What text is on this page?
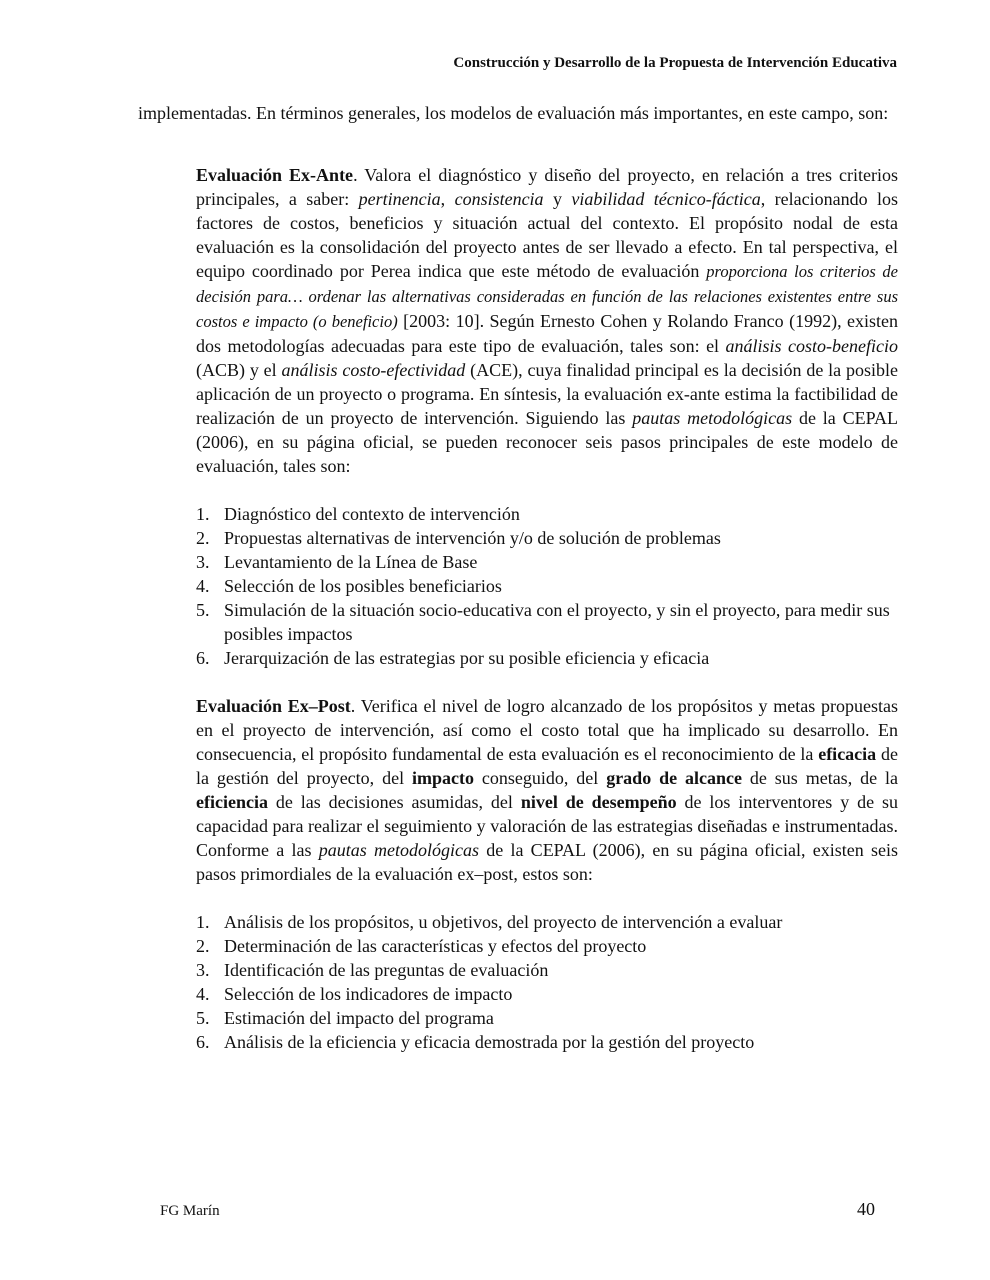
Construcción y Desarrollo de la Propuesta de Intervención Educativa

implementadas. En términos generales, los modelos de evaluación más importantes, en este campo, son:

Evaluación Ex-Ante. Valora el diagnóstico y diseño del proyecto, en relación a tres criterios principales, a saber: pertinencia, consistencia y viabilidad técnico-fáctica, relacionando los factores de costos, beneficios y situación actual del contexto. El propósito nodal de esta evaluación es la consolidación del proyecto antes de ser llevado a efecto. En tal perspectiva, el equipo coordinado por Perea indica que este método de evaluación proporciona los criterios de decisión para… ordenar las alternativas consideradas en función de las relaciones existentes entre sus costos e impacto (o beneficio) [2003: 10]. Según Ernesto Cohen y Rolando Franco (1992), existen dos metodologías adecuadas para este tipo de evaluación, tales son: el análisis costo-beneficio (ACB) y el análisis costo-efectividad (ACE), cuya finalidad principal es la decisión de la posible aplicación de un proyecto o programa. En síntesis, la evaluación ex-ante estima la factibilidad de realización de un proyecto de intervención. Siguiendo las pautas metodológicas de la CEPAL (2006), en su página oficial, se pueden reconocer seis pasos principales de este modelo de evaluación, tales son:

1. Diagnóstico del contexto de intervención
2. Propuestas alternativas de intervención y/o de solución de problemas
3. Levantamiento de la Línea de Base
4. Selección de los posibles beneficiarios
5. Simulación de la situación socio-educativa con el proyecto, y sin el proyecto, para medir sus posibles impactos
6. Jerarquización de las estrategias por su posible eficiencia y eficacia

Evaluación Ex–Post. Verifica el nivel de logro alcanzado de los propósitos y metas propuestas en el proyecto de intervención, así como el costo total que ha implicado su desarrollo. En consecuencia, el propósito fundamental de esta evaluación es el reconocimiento de la eficacia de la gestión del proyecto, del impacto conseguido, del grado de alcance de sus metas, de la eficiencia de las decisiones asumidas, del nivel de desempeño de los interventores y de su capacidad para realizar el seguimiento y valoración de las estrategias diseñadas e instrumentadas. Conforme a las pautas metodológicas de la CEPAL (2006), en su página oficial, existen seis pasos primordiales de la evaluación ex–post, estos son:

1. Análisis de los propósitos, u objetivos, del proyecto de intervención a evaluar
2. Determinación de las características y efectos del proyecto
3. Identificación de las preguntas de evaluación
4. Selección de los indicadores de impacto
5. Estimación del impacto del programa
6. Análisis de la eficiencia y eficacia demostrada por la gestión del proyecto
FG Marín	40
